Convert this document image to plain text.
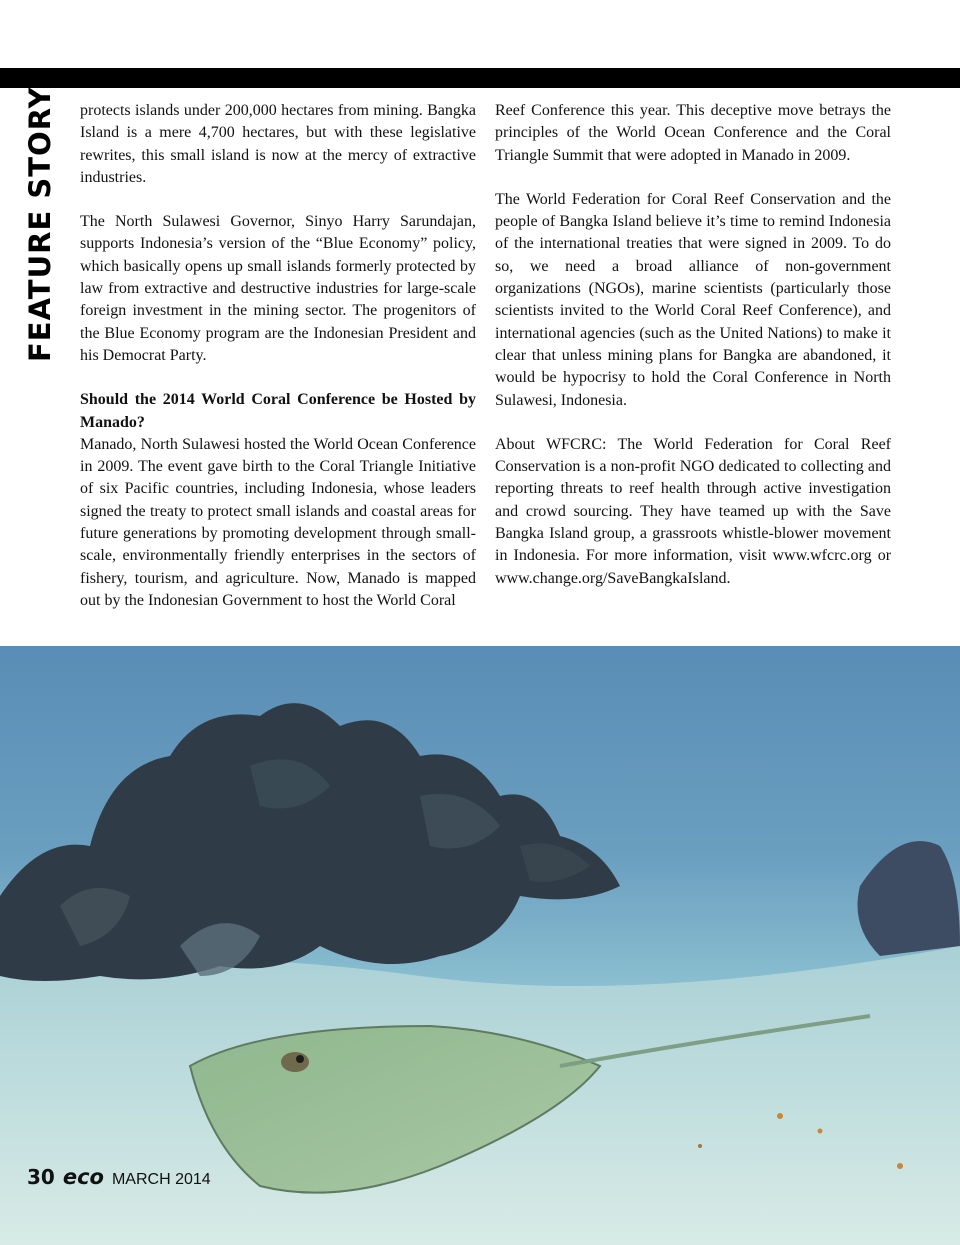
FEATURE STORY protects islands under 200,000 hectares from mining. Bangka Island is a mere 4,700 hectares, but with these legislative rewrites, this small island is now at the mercy of extractive industries.

The North Sulawesi Governor, Sinyo Harry Sarundajan, supports Indonesia’s version of the “Blue Economy” policy, which basically opens up small islands formerly protected by law from extractive and destructive industries for large-scale foreign investment in the mining sector. The progenitors of the Blue Economy program are the Indonesian President and his Democrat Party.

Should the 2014 World Coral Conference be Hosted by Manado?

Manado, North Sulawesi hosted the World Ocean Conference in 2009. The event gave birth to the Coral Triangle Initiative of six Pacific countries, including Indonesia, whose leaders signed the treaty to protect small islands and coastal areas for future generations by promoting development through small-scale, environmentally friendly enterprises in the sectors of fishery, tourism, and agriculture. Now, Manado is mapped out by the Indonesian Government to host the World Coral

Reef Conference this year. This deceptive move betrays the principles of the World Ocean Conference and the Coral Triangle Summit that were adopted in Manado in 2009.

The World Federation for Coral Reef Conservation and the people of Bangka Island believe it’s time to remind Indonesia of the international treaties that were signed in 2009. To do so, we need a broad alliance of non-government organizations (NGOs), marine scientists (particularly those scientists invited to the World Coral Reef Conference), and international agencies (such as the United Nations) to make it clear that unless mining plans for Bangka are abandoned, it would be hypocrisy to hold the Coral Conference in North Sulawesi, Indonesia.

About WFCRC: The World Federation for Coral Reef Conservation is a non-profit NGO dedicated to collecting and reporting threats to reef health through active investigation and crowd sourcing. They have teamed up with the Save Bangka Island group, a grassroots whistle-blower movement in Indonesia. For more information, visit www.wfcrc.org or www.change.org/SaveBangkaIsland.

30 eco MARCH 2014
